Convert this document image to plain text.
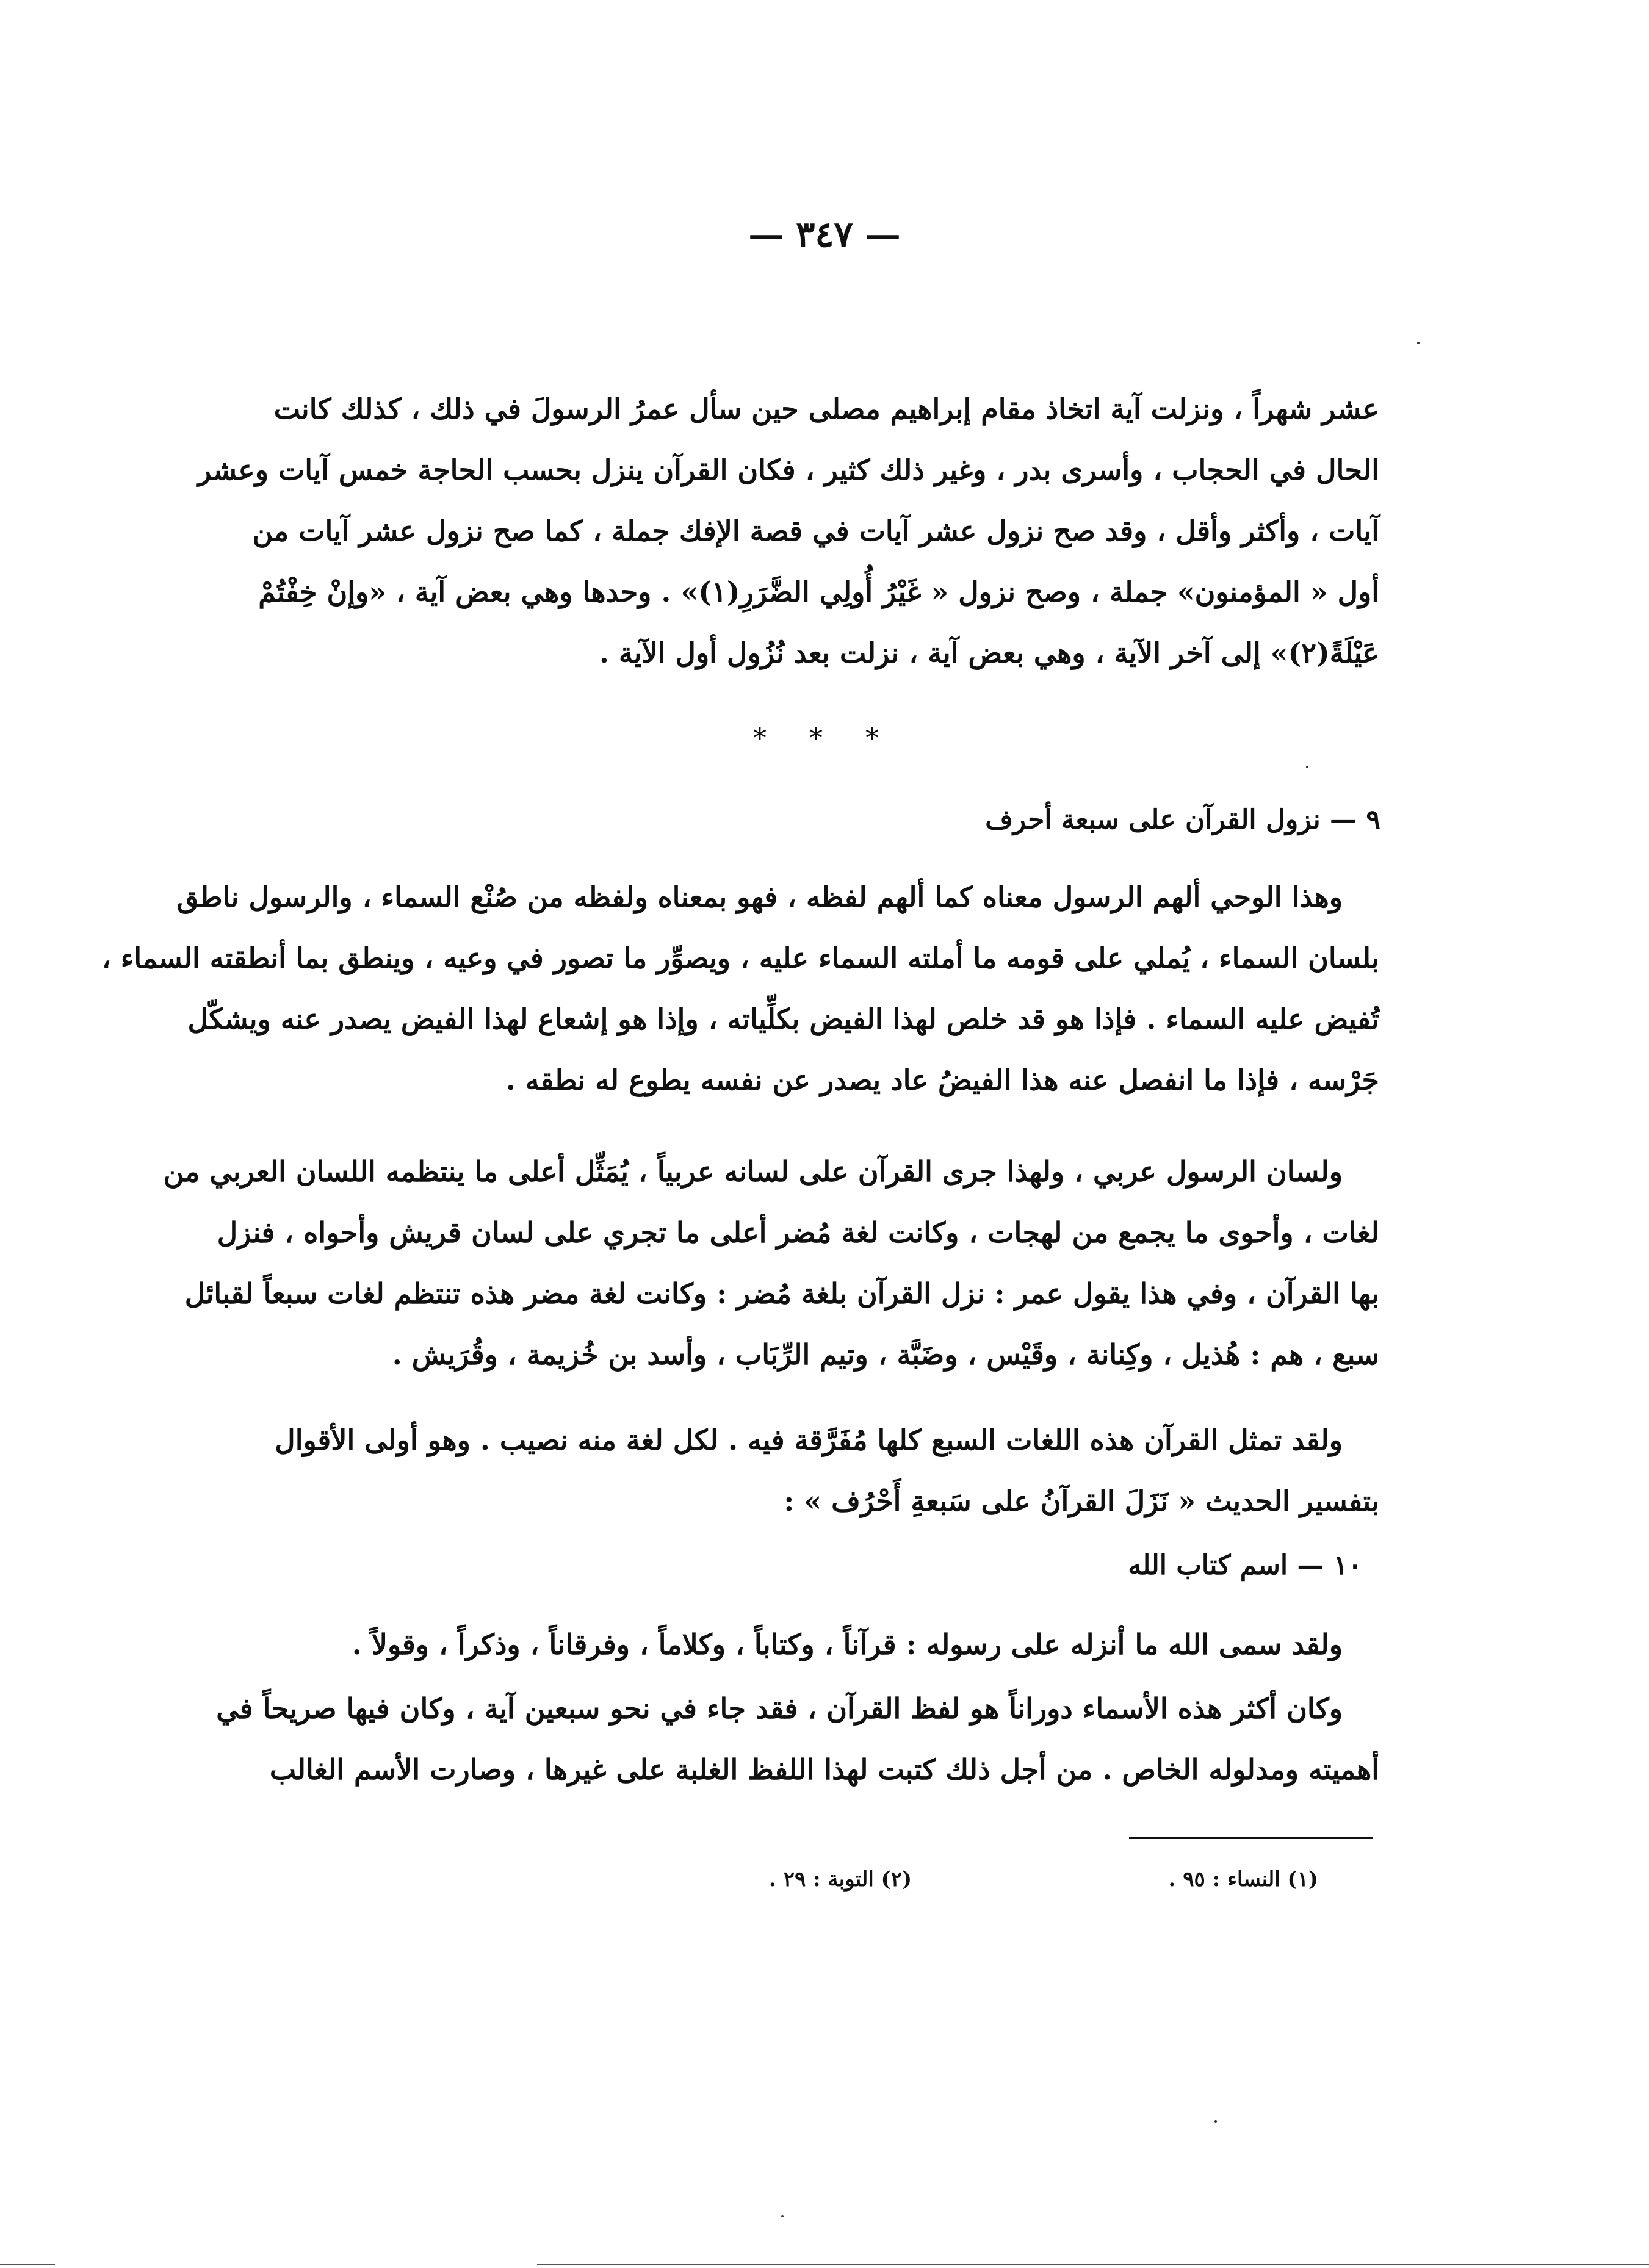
— ٣٤٧ —
عشر شهراً ، ونزلت آية اتخاذ مقام إبراهيم مصلى حين سأل عمرُ الرسولَ في ذلك ، كذلك كانت
الحال في الحجاب ، وأسرى بدر ، وغير ذلك كثير ، فكان القرآن ينزل بحسب الحاجة خمس آيات وعشر
آيات ، وأكثر وأقل ، وقد صح نزول عشر آيات في قصة الإفك جملة ، كما صح نزول عشر آيات من
أول « المؤمنون» جملة ، وصح نزول « غَيْرُ أُولِي الضَّرَرِ(١)» . وحدها وهي بعض آية ، «وإنْ خِفْتُمْ
عَيْلَةً(٢)» إلى آخر الآية ، وهي بعض آية ، نزلت بعد نُزُول أول الآية .
* * *
٩ — نزول القرآن على سبعة أحرف
وهذا الوحي ألهم الرسول معناه كما ألهم لفظه ، فهو بمعناه ولفظه من صُنْع السماء ، والرسول ناطق
بلسان السماء ، يُملي على قومه ما أملته السماء عليه ، ويصوِّر ما تصور في وعيه ، وينطق بما أنطقته السماء ،
تُفيض عليه السماء . فإذا هو قد خلص لهذا الفيض بكلِّياته ، وإذا هو إشعاع لهذا الفيض يصدر عنه ويشكّل
جَرْسه ، فإذا ما انفصل عنه هذا الفيضُ عاد يصدر عن نفسه يطوع له نطقه .
ولسان الرسول عربي ، ولهذا جرى القرآن على لسانه عربياً ، يُمَثِّل أعلى ما ينتظمه اللسان العربي من
لغات ، وأحوى ما يجمع من لهجات ، وكانت لغة مُضر أعلى ما تجري على لسان قريش وأحواه ، فنزل
بها القرآن ، وفي هذا يقول عمر : نزل القرآن بلغة مُضر : وكانت لغة مضر هذه تنتظم لغات سبعاً لقبائل
سبع ، هم : هُذيل ، وكِنانة ، وقَيْس ، وضَبَّة ، وتيم الرِّبَاب ، وأسد بن خُزيمة ، وقُرَيش .
ولقد تمثل القرآن هذه اللغات السبع كلها مُفَرَّقة فيه . لكل لغة منه نصيب . وهو أولى الأقوال
بتفسير الحديث « نَزَلَ القرآنُ على سَبعةِ أَحْرُف » :
١٠ — اسم كتاب الله
ولقد سمى الله ما أنزله على رسوله : قرآناً ، وكتاباً ، وكلاماً ، وفرقاناً ، وذكراً ، وقولاً .
وكان أكثر هذه الأسماء دوراناً هو لفظ القرآن ، فقد جاء في نحو سبعين آية ، وكان فيها صريحاً في
أهميته ومدلوله الخاص . من أجل ذلك كتبت لهذا اللفظ الغلبة على غيرها ، وصارت الأسم الغالب
(١) النساء : ٩٥ .
(٢) التوبة : ٢٩ .
